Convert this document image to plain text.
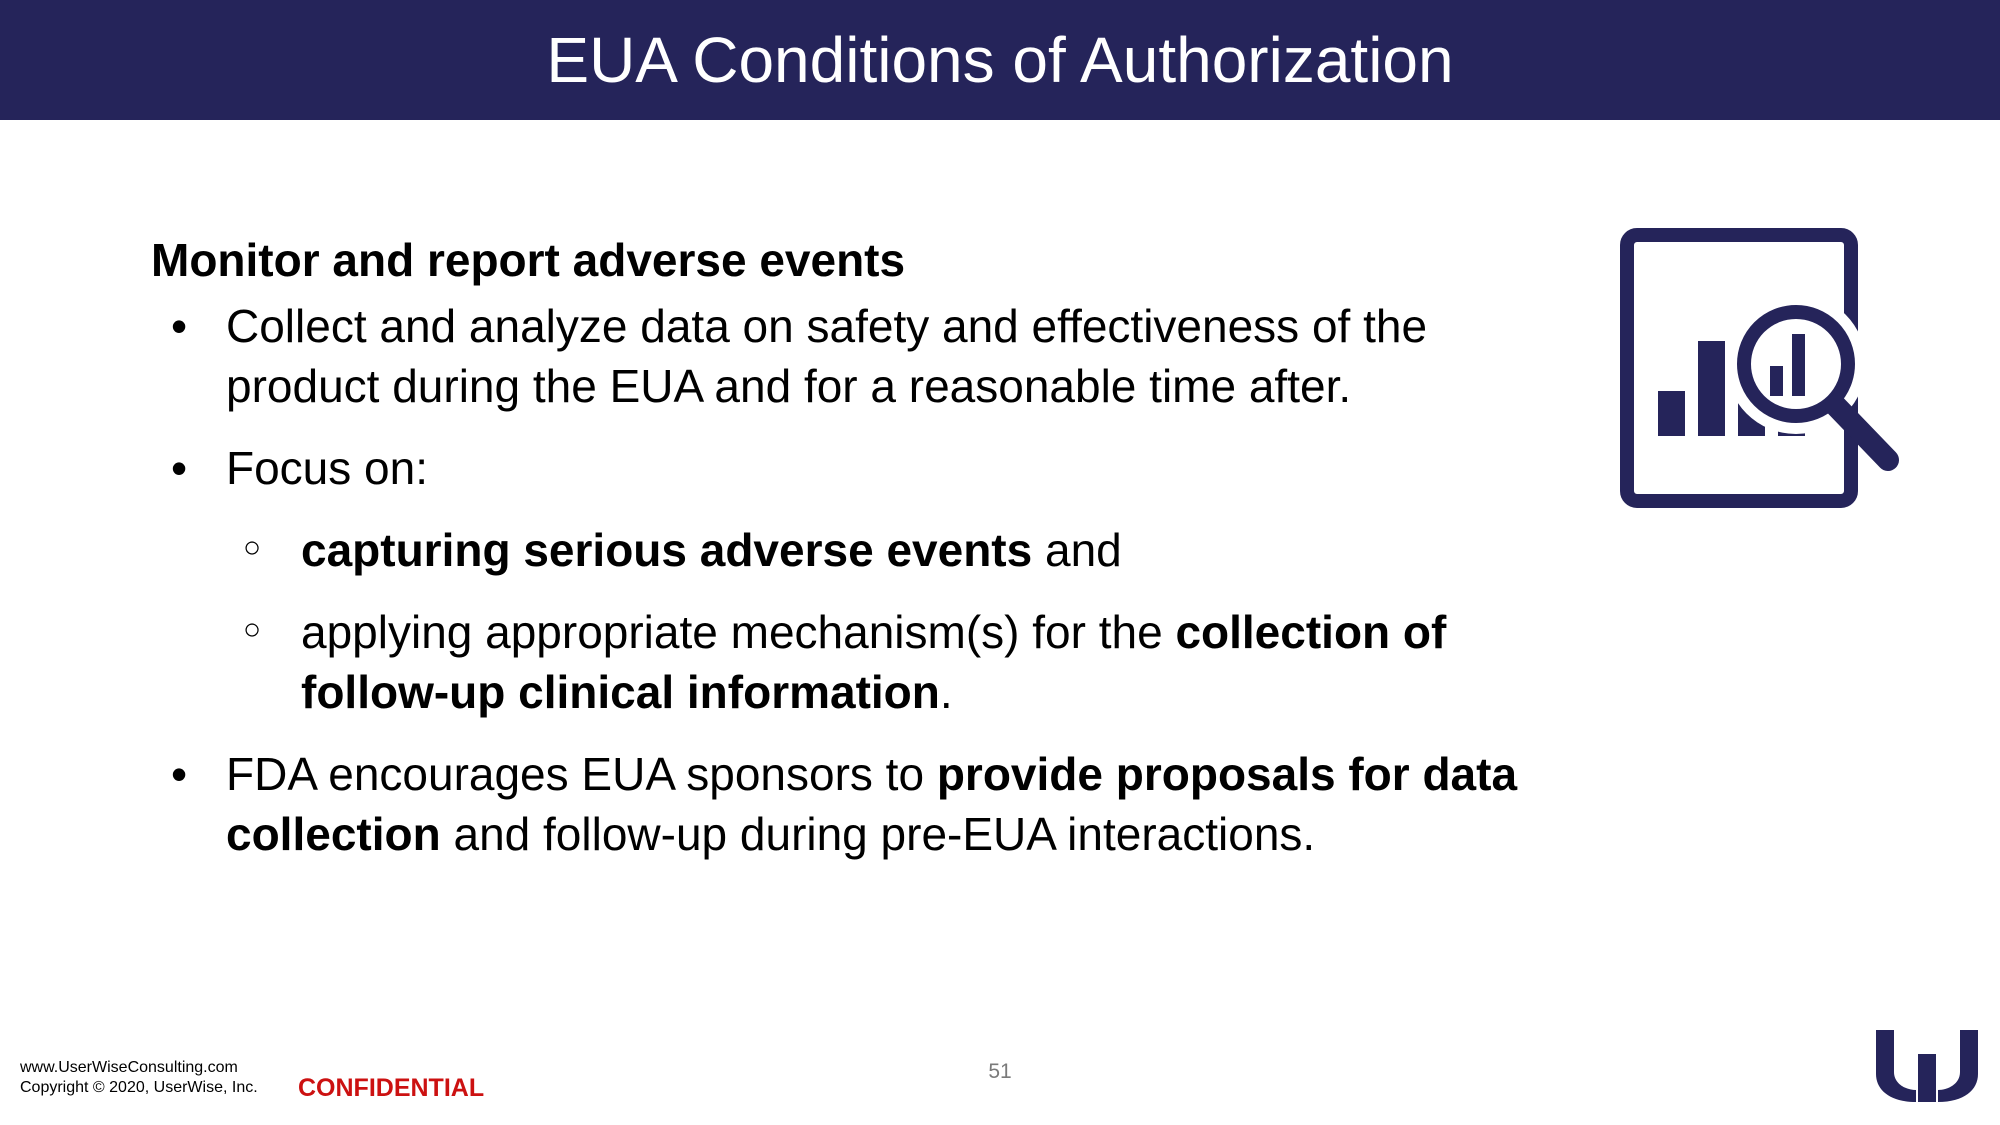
EUA Conditions of Authorization
Monitor and report adverse events
• Collect and analyze data on safety and effectiveness of the product during the EUA and for a reasonable time after.
• Focus on:
○ capturing serious adverse events and
○ applying appropriate mechanism(s) for the collection of follow-up clinical information.
• FDA encourages EUA sponsors to provide proposals for data collection and follow-up during pre-EUA interactions.
www.UserWiseConsulting.com
Copyright © 2020, UserWise, Inc. CONFIDENTIAL
51
